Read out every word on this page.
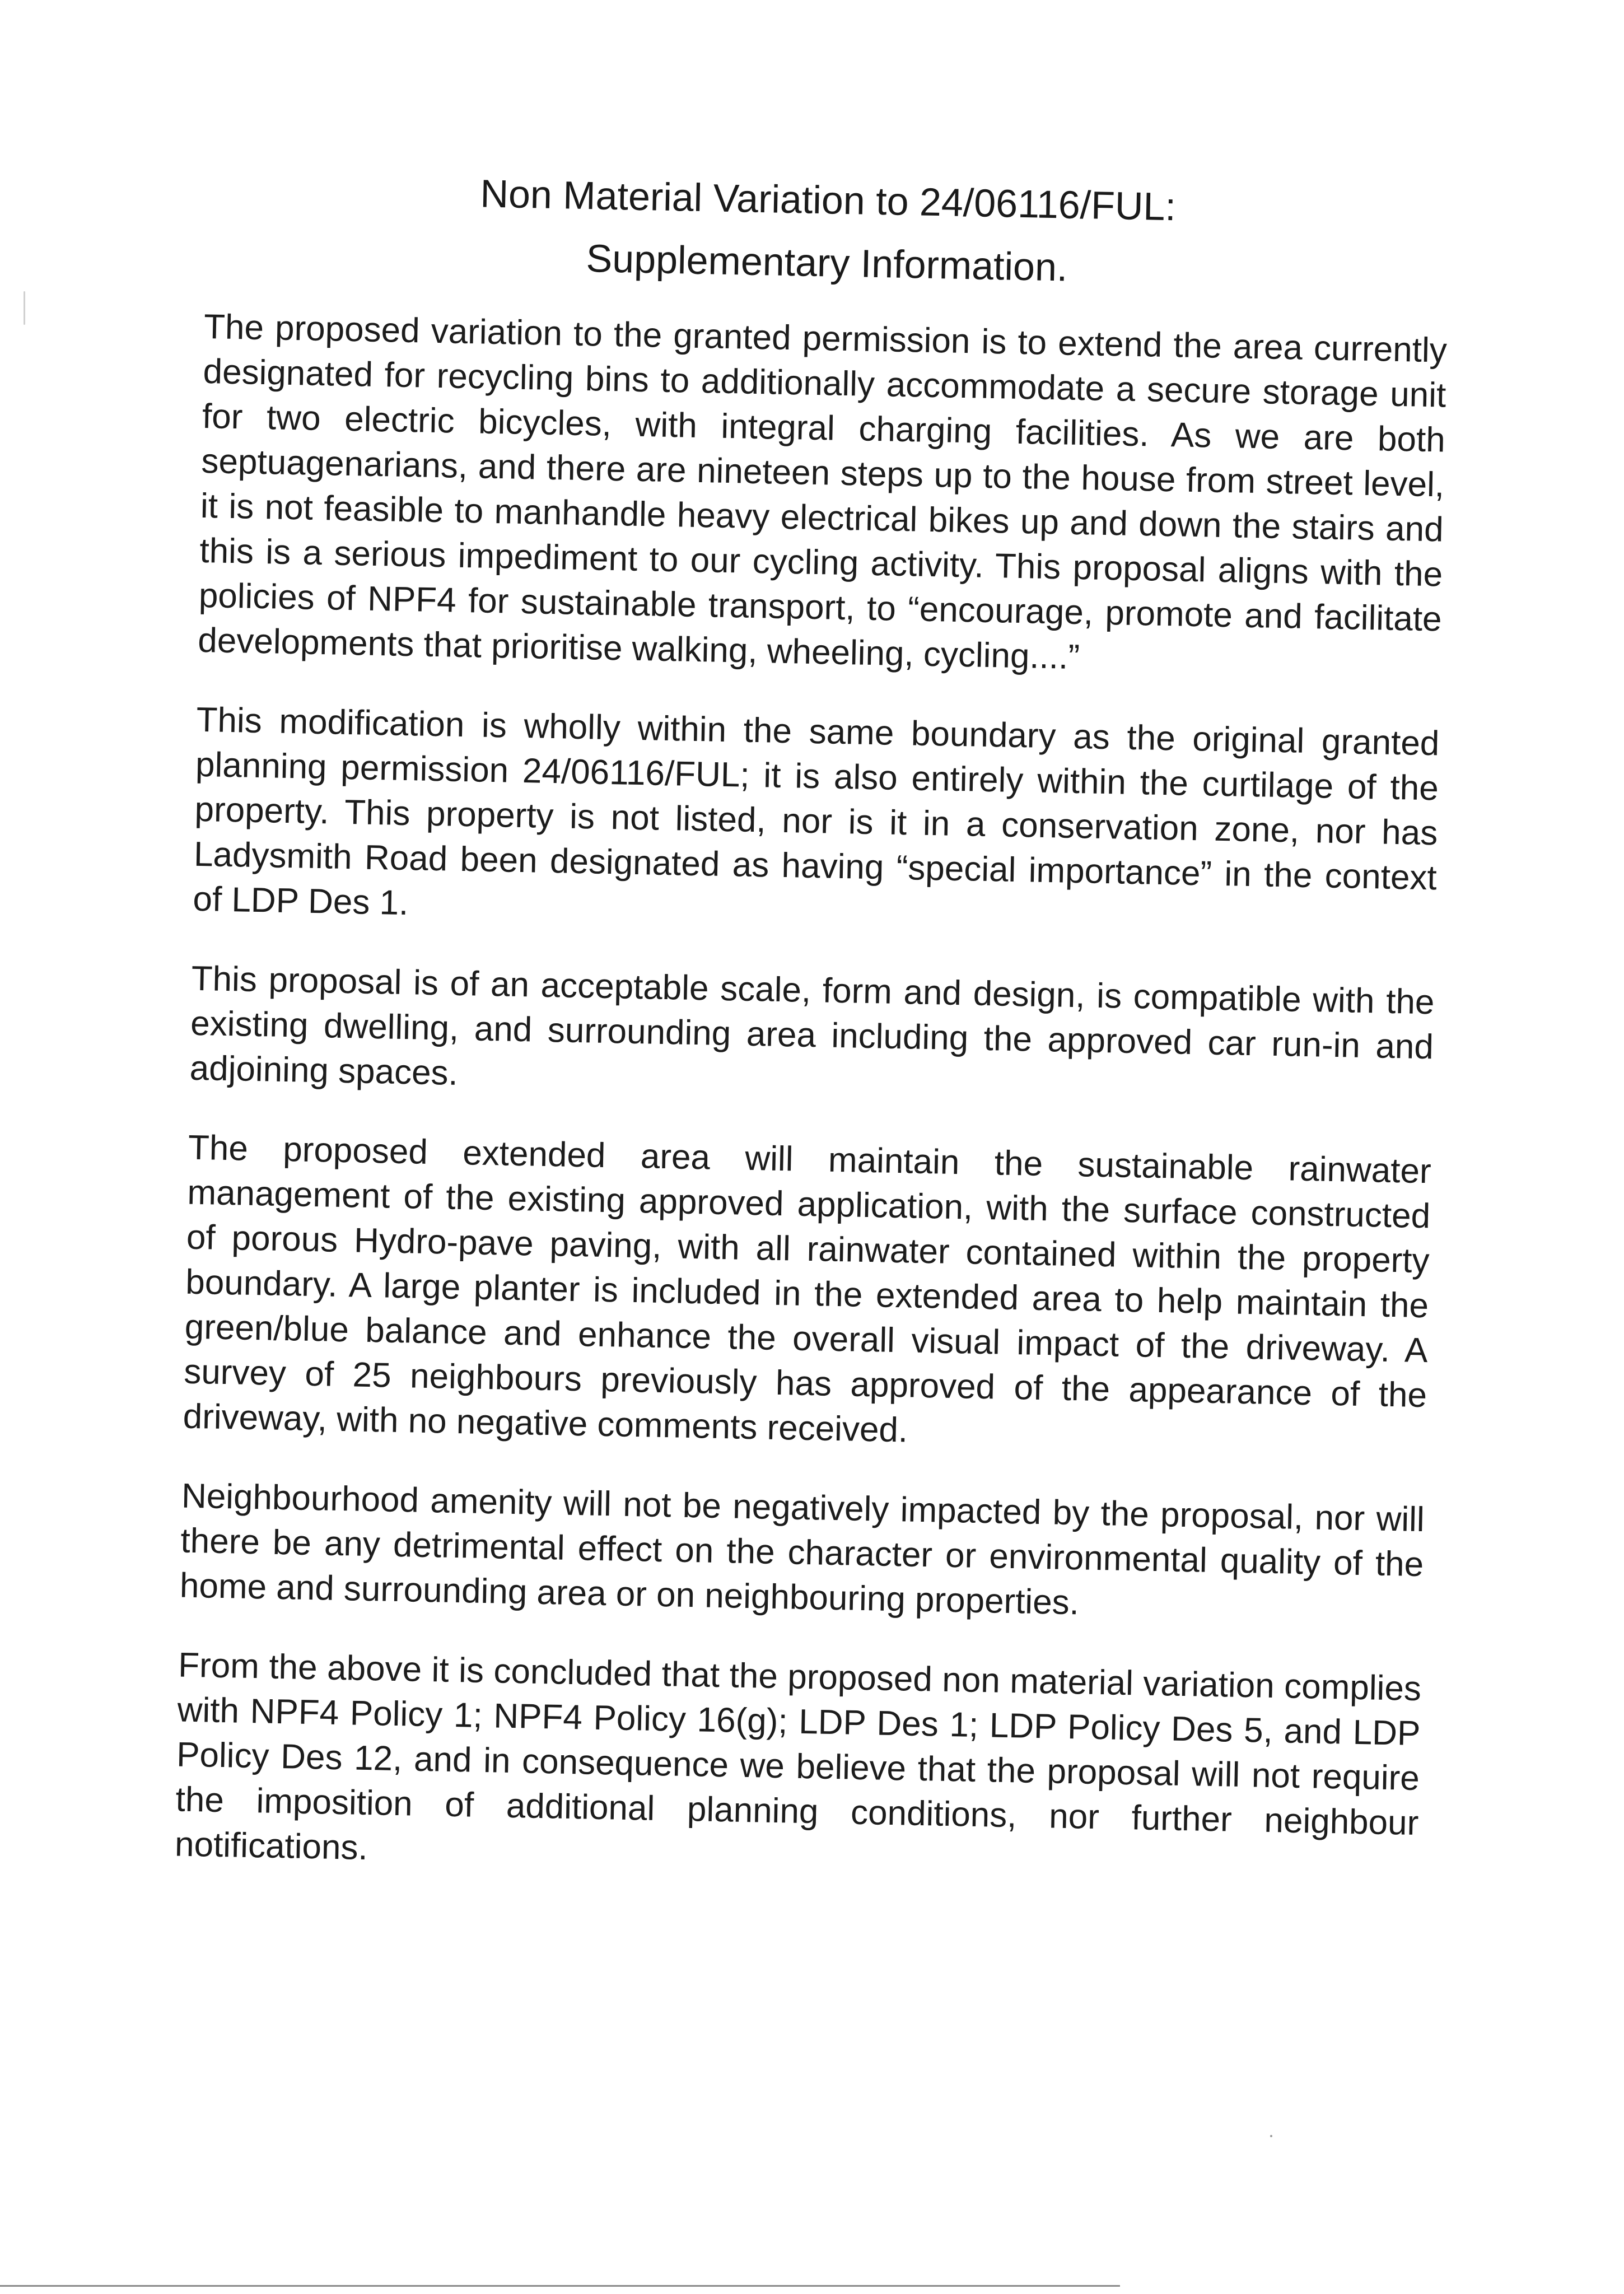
Non Material Variation to 24/06116/FUL:
Supplementary Information.

The proposed variation to the granted permission is to extend the area currently designated for recycling bins to additionally accommodate a secure storage unit for two electric bicycles, with integral charging facilities. As we are both septuagenarians, and there are nineteen steps up to the house from street level, it is not feasible to manhandle heavy electrical bikes up and down the stairs and this is a serious impediment to our cycling activity. This proposal aligns with the policies of NPF4 for sustainable transport, to “encourage, promote and facilitate developments that prioritise walking, wheeling, cycling....”

This modification is wholly within the same boundary as the original granted planning permission 24/06116/FUL; it is also entirely within the curtilage of the property. This property is not listed, nor is it in a conservation zone, nor has Ladysmith Road been designated as having “special importance” in the context of LDP Des 1.

This proposal is of an acceptable scale, form and design, is compatible with the existing dwelling, and surrounding area including the approved car run-in and adjoining spaces.

The proposed extended area will maintain the sustainable rainwater management of the existing approved application, with the surface constructed of porous Hydro-pave paving, with all rainwater contained within the property boundary. A large planter is included in the extended area to help maintain the green/blue balance and enhance the overall visual impact of the driveway. A survey of 25 neighbours previously has approved of the appearance of the driveway, with no negative comments received.

Neighbourhood amenity will not be negatively impacted by the proposal, nor will there be any detrimental effect on the character or environmental quality of the home and surrounding area or on neighbouring properties.

From the above it is concluded that the proposed non material variation complies with NPF4 Policy 1; NPF4 Policy 16(g); LDP Des 1; LDP Policy Des 5, and LDP Policy Des 12, and in consequence we believe that the proposal will not require the imposition of additional planning conditions, nor further neighbour notifications.
